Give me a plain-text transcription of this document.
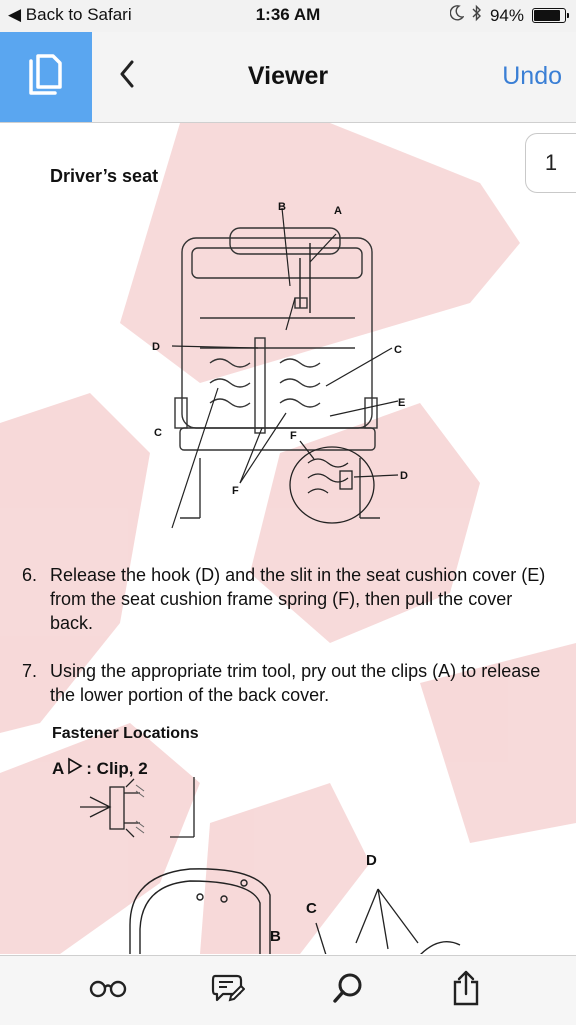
◀ Back to Safari	1:36 AM	94%
Viewer	Undo
1
Driver’s seat
B	A
D	C
E
C
F
F
D
6. Release the hook (D) and the slit in the seat cushion cover (E) from the seat cushion frame spring (F), then pull the cover back.
7. Using the appropriate trim tool, pry out the clips (A) to release the lower portion of the back cover.
Fastener Locations
A : Clip, 2
D
C
B
